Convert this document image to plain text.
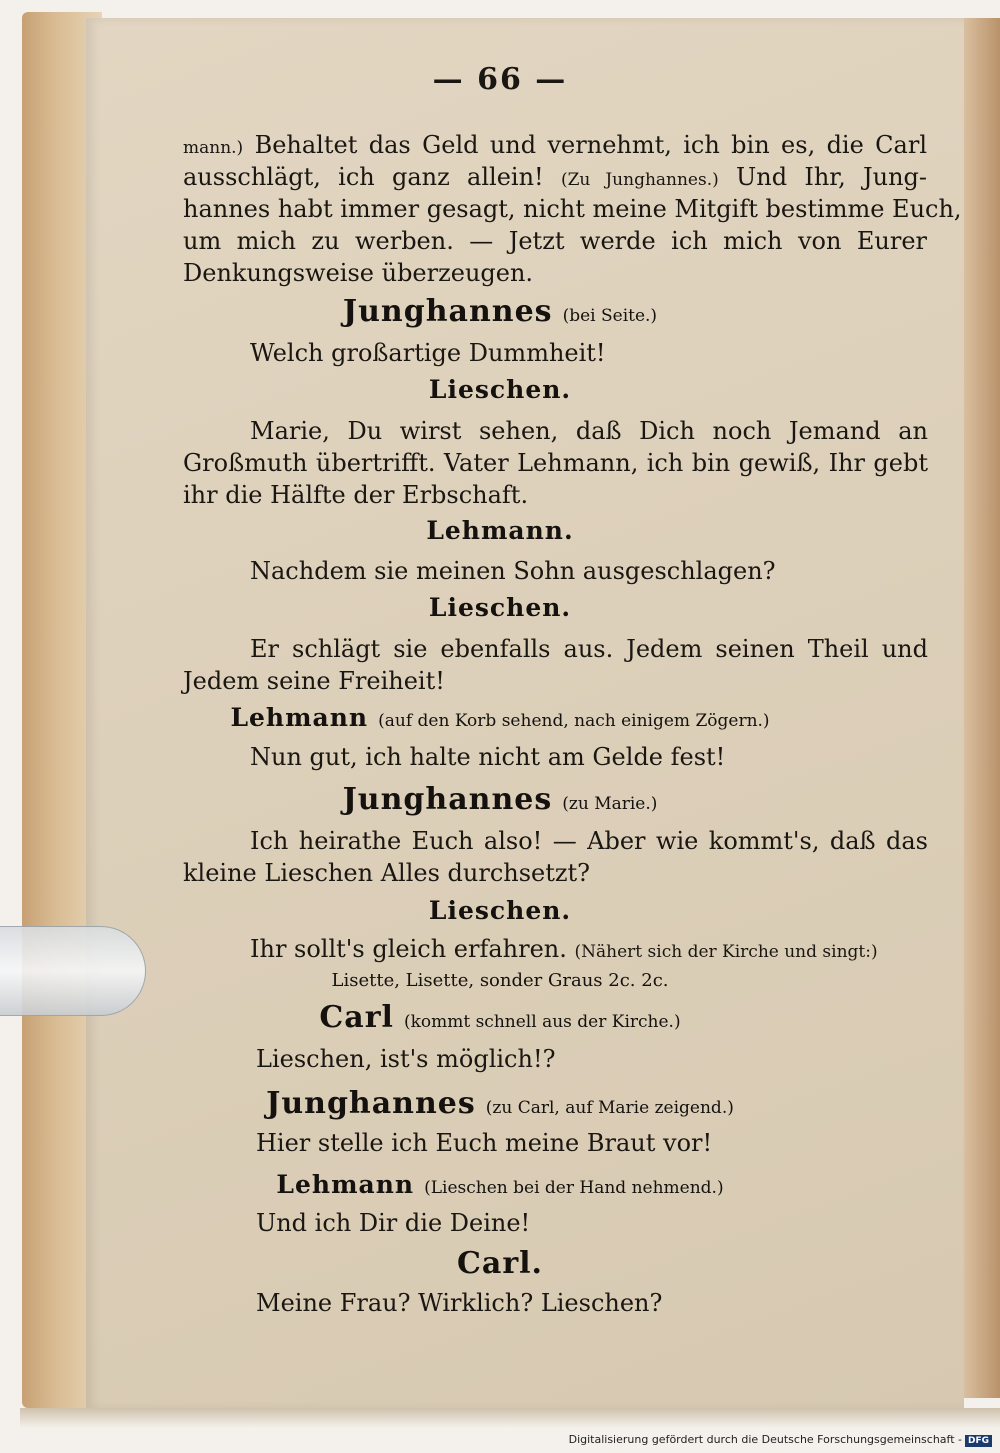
— 66 —
mann.) Behaltet das Geld und vernehmt, ich bin es, die Carl
ausschlägt, ich ganz allein! (Zu Junghannes.) Und Ihr, Jung-
hannes habt immer gesagt, nicht meine Mitgift bestimme Euch,
um mich zu werben. — Jetzt werde ich mich von Eurer
Denkungsweise überzeugen.
Junghannes (bei Seite.)
Welch großartige Dummheit!
Lieschen.
Marie, Du wirst sehen, daß Dich noch Jemand an
Großmuth übertrifft. Vater Lehmann, ich bin gewiß, Ihr gebt
ihr die Hälfte der Erbschaft.
Lehmann.
Nachdem sie meinen Sohn ausgeschlagen?
Lieschen.
Er schlägt sie ebenfalls aus. Jedem seinen Theil und
Jedem seine Freiheit!
Lehmann (auf den Korb sehend, nach einigem Zögern.)
Nun gut, ich halte nicht am Gelde fest!
Junghannes (zu Marie.)
Ich heirathe Euch also! — Aber wie kommt's, daß das
kleine Lieschen Alles durchsetzt?
Lieschen.
Ihr sollt's gleich erfahren. (Nähert sich der Kirche und singt:)
Lisette, Lisette, sonder Graus 2c. 2c.
Carl (kommt schnell aus der Kirche.)
Lieschen, ist's möglich!?
Junghannes (zu Carl, auf Marie zeigend.)
Hier stelle ich Euch meine Braut vor!
Lehmann (Lieschen bei der Hand nehmend.)
Und ich Dir die Deine!
Carl.
Meine Frau? Wirklich? Lieschen?
Digitalisierung gefördert durch die Deutsche Forschungsgemeinschaft - DFG
